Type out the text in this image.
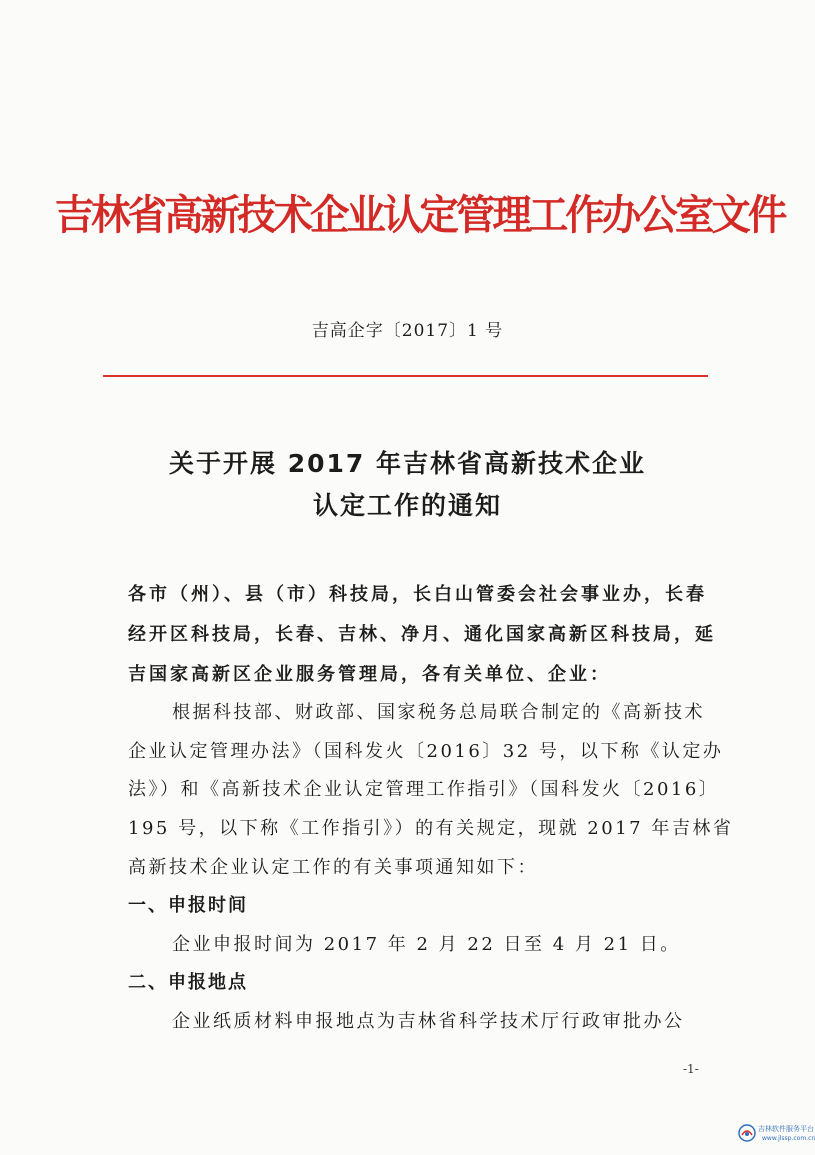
吉林省高新技术企业认定管理工作办公室文件
吉高企字〔2017〕1 号
关于开展 2017 年吉林省高新技术企业
认定工作的通知
各市（州）、县（市）科技局，长白山管委会社会事业办，长春
经开区科技局，长春、吉林、净月、通化国家高新区科技局，延
吉国家高新区企业服务管理局，各有关单位、企业：
根据科技部、财政部、国家税务总局联合制定的《高新技术
企业认定管理办法》（国科发火〔2016〕32 号，以下称《认定办
法》）和《高新技术企业认定管理工作指引》（国科发火〔2016〕
195 号，以下称《工作指引》）的有关规定，现就 2017 年吉林省
高新技术企业认定工作的有关事项通知如下：
一、申报时间
企业申报时间为 2017 年 2 月 22 日至 4 月 21 日。
二、申报地点
企业纸质材料申报地点为吉林省科学技术厅行政审批办公
-1-
吉林软件服务平台
www.jlssp.com.cn
